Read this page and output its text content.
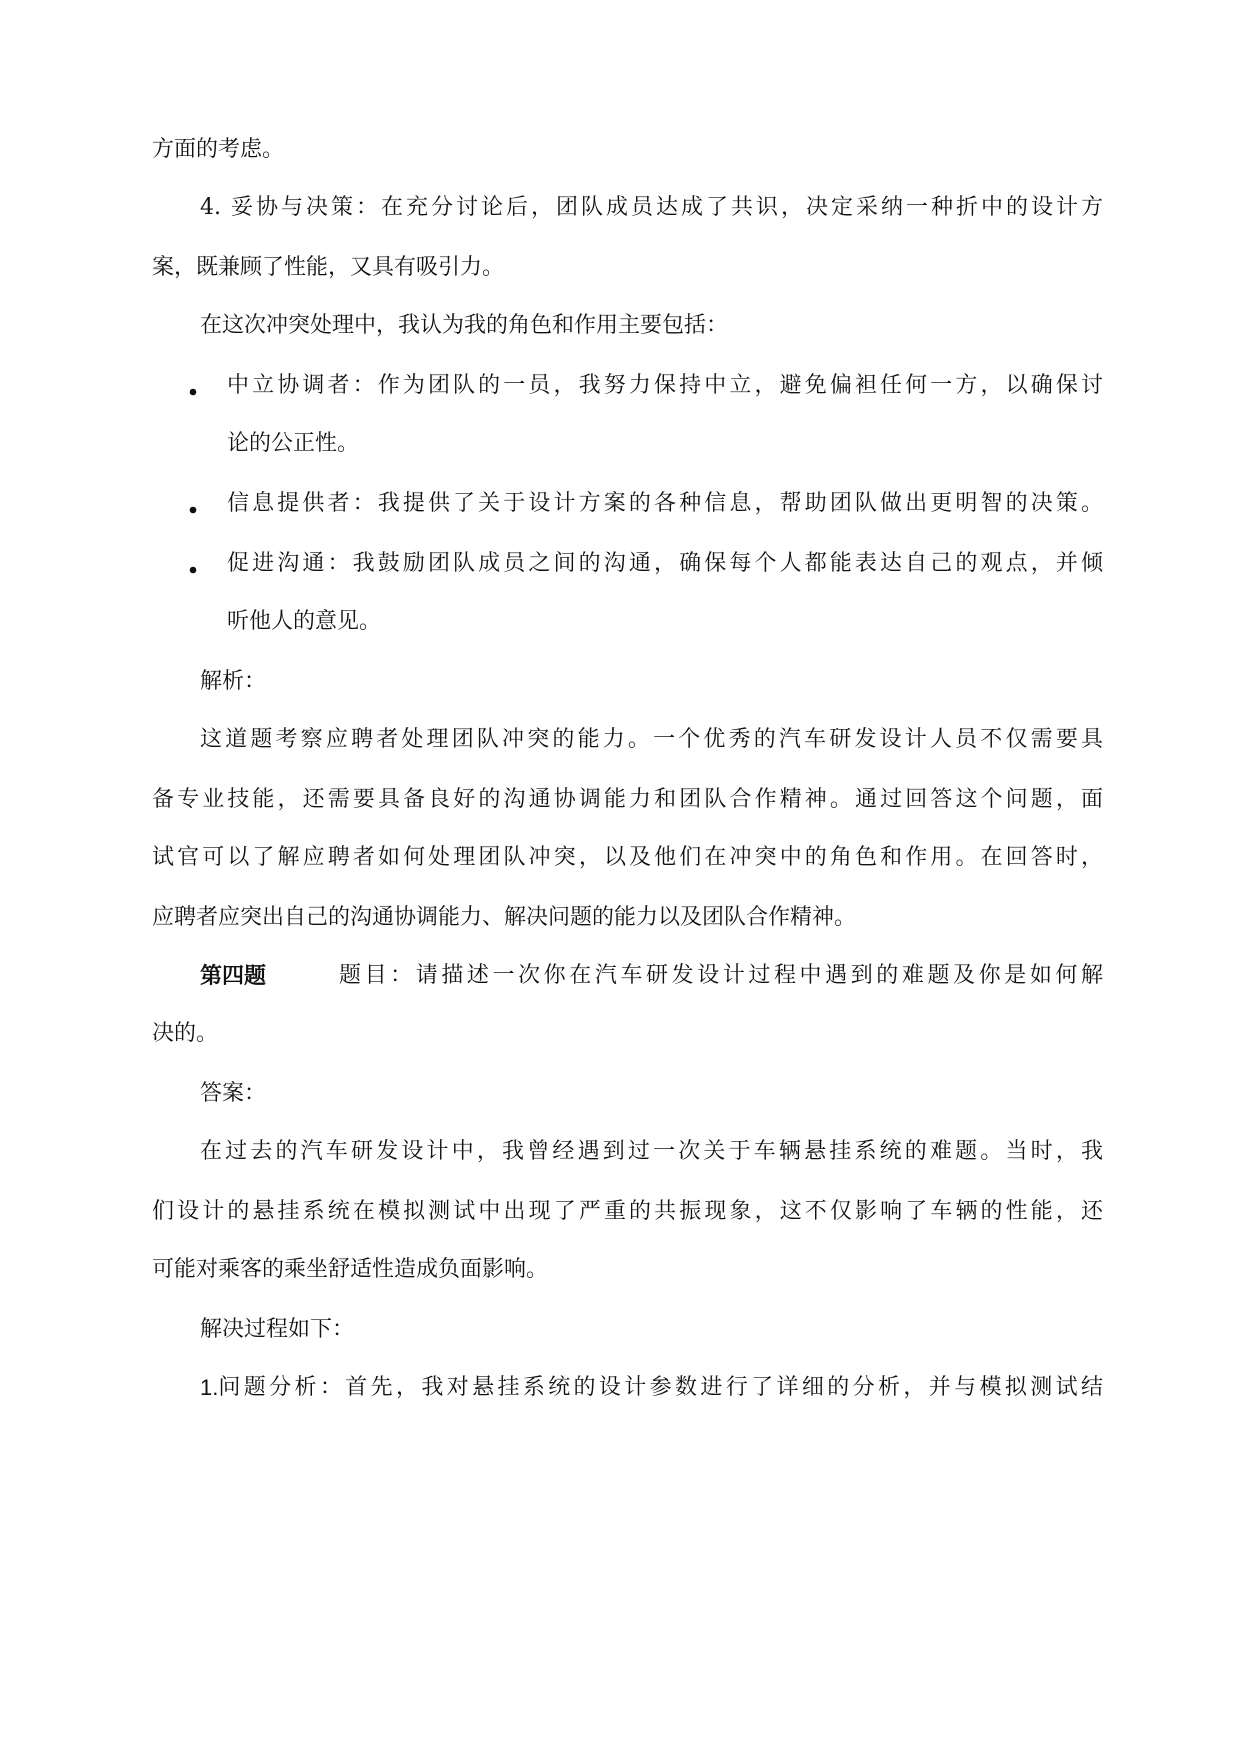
方面的考虑。
4. 妥协与决策：在充分讨论后，团队成员达成了共识，决定采纳一种折中的设计方
案，既兼顾了性能，又具有吸引力。
在这次冲突处理中，我认为我的角色和作用主要包括：
中立协调者：作为团队的一员，我努力保持中立，避免偏袒任何一方，以确保讨
论的公正性。
信息提供者：我提供了关于设计方案的各种信息，帮助团队做出更明智的决策。
促进沟通：我鼓励团队成员之间的沟通，确保每个人都能表达自己的观点，并倾
听他人的意见。
解析：
这道题考察应聘者处理团队冲突的能力。一个优秀的汽车研发设计人员不仅需要具
备专业技能，还需要具备良好的沟通协调能力和团队合作精神。通过回答这个问题，面
试官可以了解应聘者如何处理团队冲突，以及他们在冲突中的角色和作用。在回答时，
应聘者应突出自己的沟通协调能力、解决问题的能力以及团队合作精神。
第四题	题目：请描述一次你在汽车研发设计过程中遇到的难题及你是如何解
决的。
答案：
在过去的汽车研发设计中，我曾经遇到过一次关于车辆悬挂系统的难题。当时，我
们设计的悬挂系统在模拟测试中出现了严重的共振现象，这不仅影响了车辆的性能，还
可能对乘客的乘坐舒适性造成负面影响。
解决过程如下：
1. 问题分析：首先，我对悬挂系统的设计参数进行了详细的分析，并与模拟测试结
